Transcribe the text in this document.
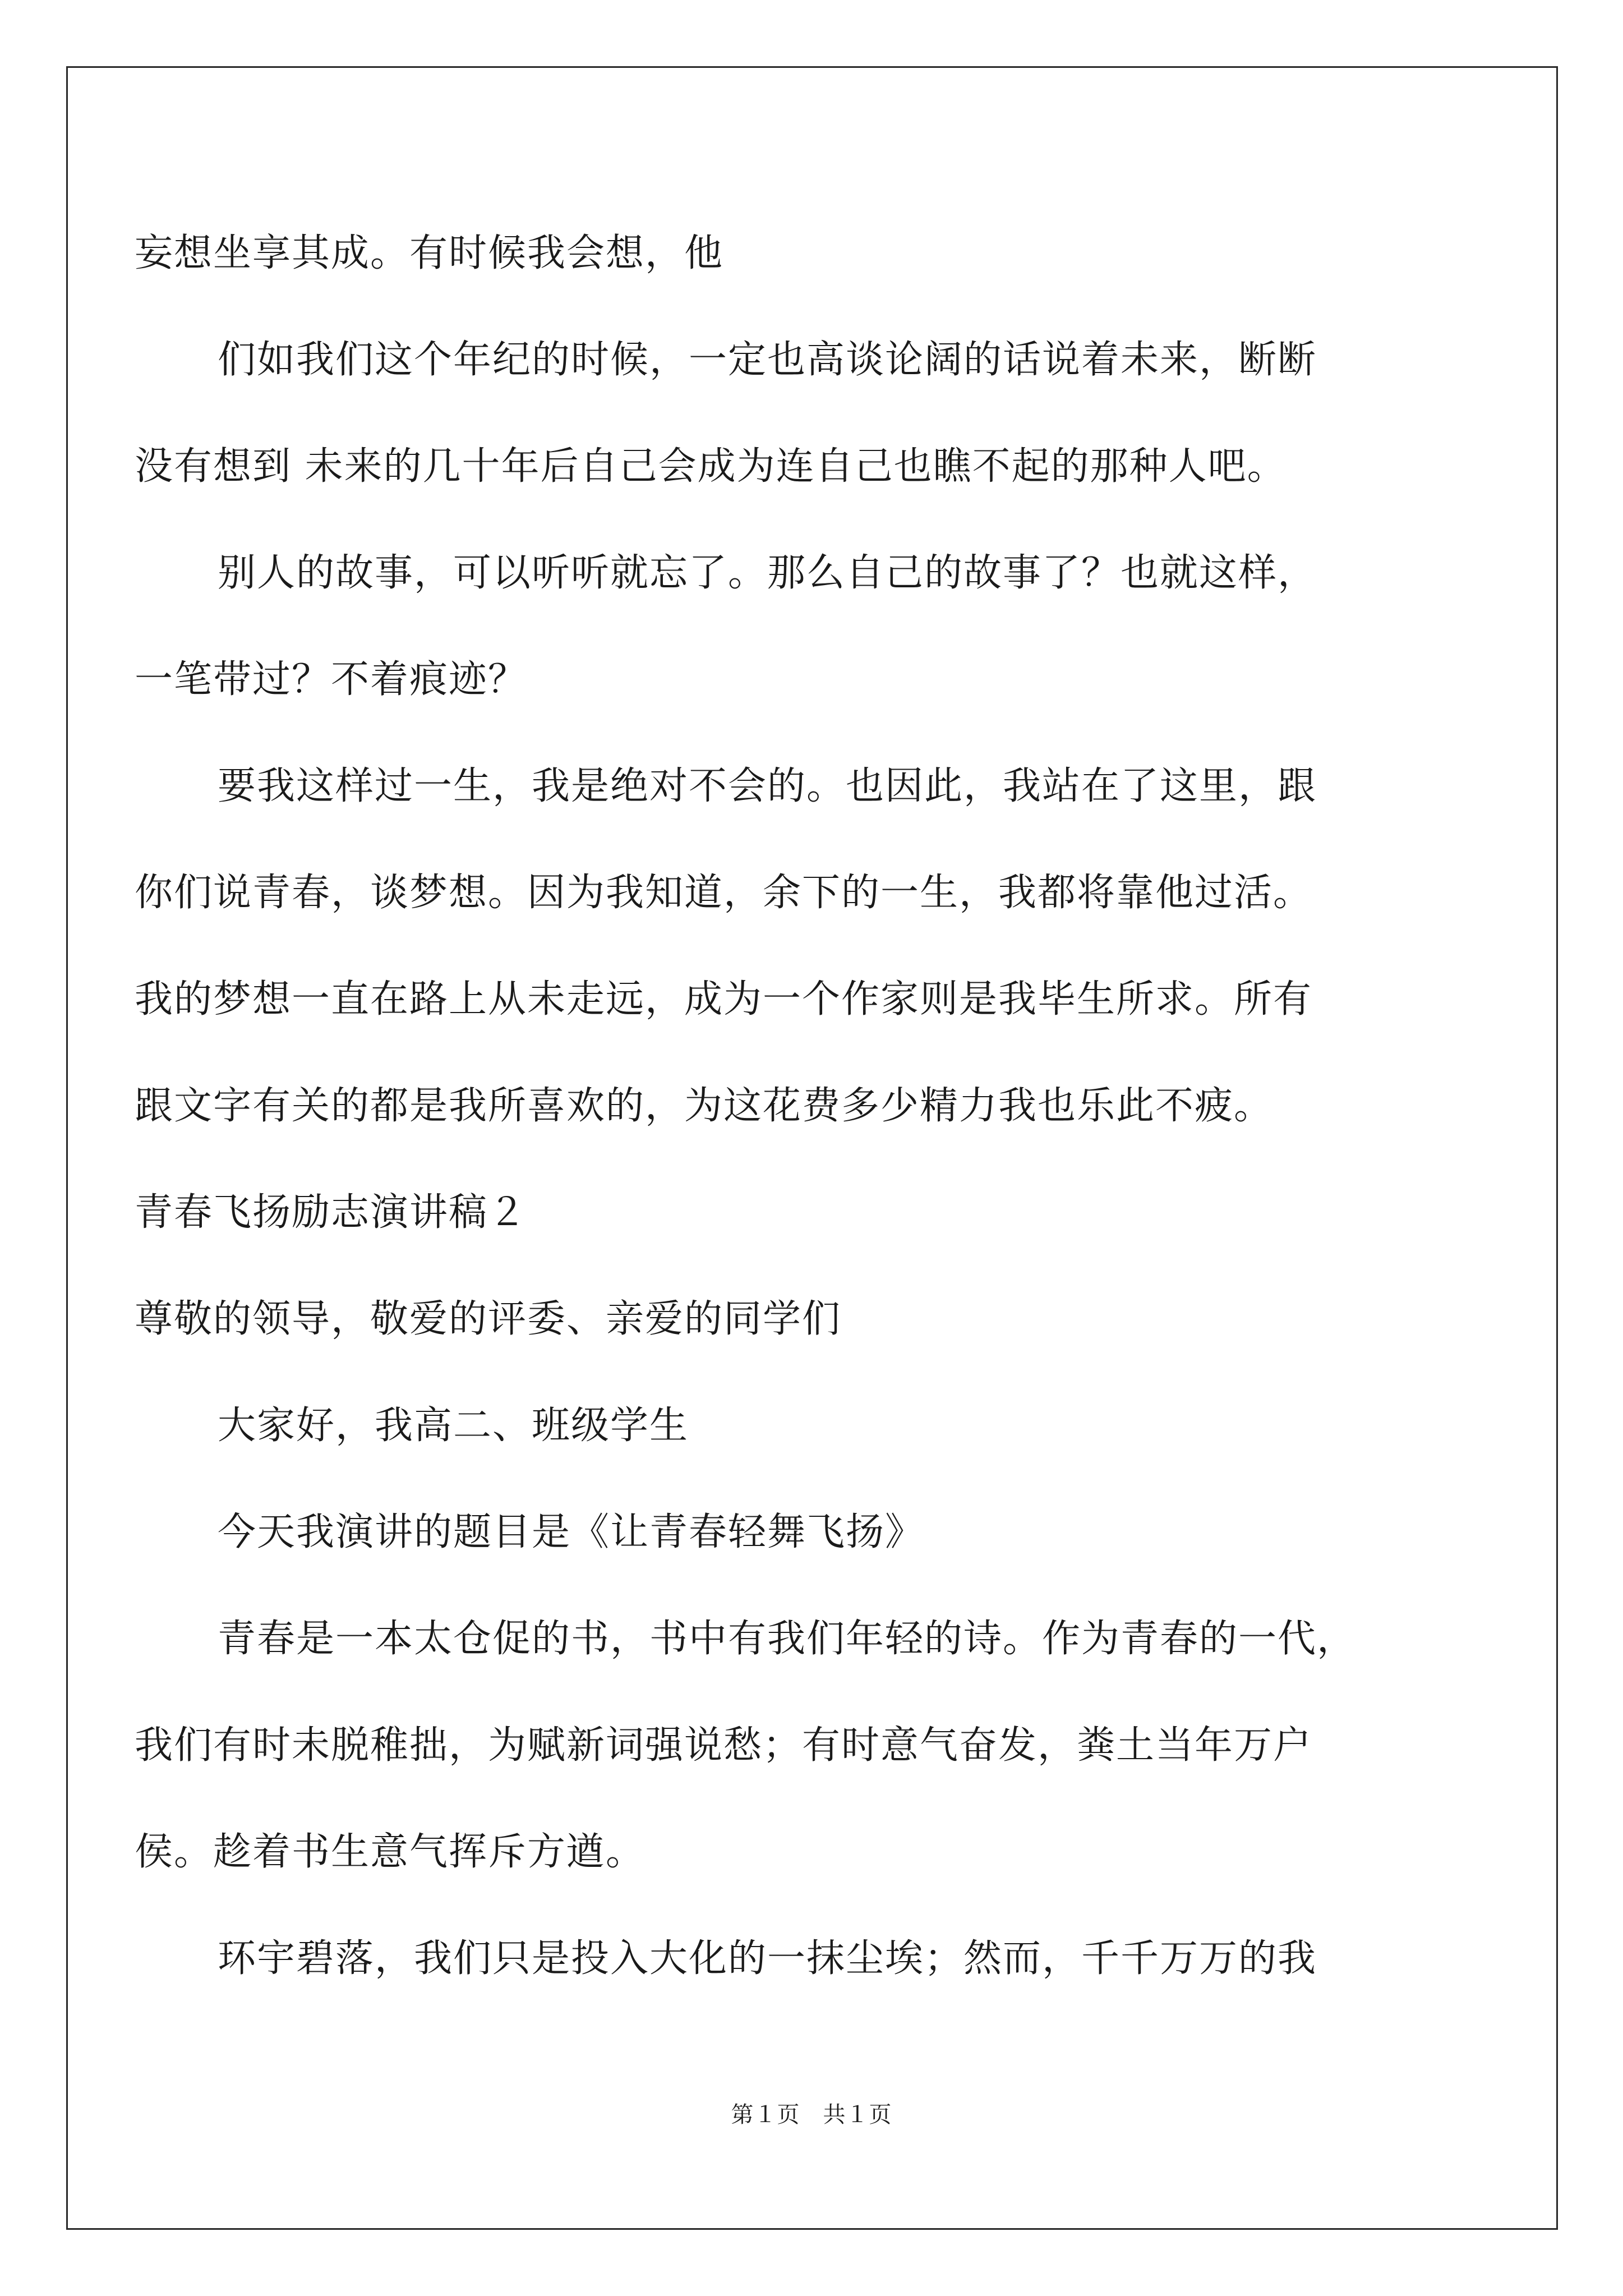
妄想坐享其成。有时候我会想，他
们如我们这个年纪的时候，一定也高谈论阔的话说着未来，断断
没有想到 未来的几十年后自己会成为连自己也瞧不起的那种人吧。
别人的故事，可以听听就忘了。那么自己的故事了？也就这样，
一笔带过？不着痕迹？
要我这样过一生，我是绝对不会的。也因此，我站在了这里，跟
你们说青春，谈梦想。因为我知道，余下的一生，我都将靠他过活。
我的梦想一直在路上从未走远，成为一个作家则是我毕生所求。所有
跟文字有关的都是我所喜欢的，为这花费多少精力我也乐此不疲。
青春飞扬励志演讲稿２
尊敬的领导，敬爱的评委、亲爱的同学们
大家好，我高二、班级学生
今天我演讲的题目是《让青春轻舞飞扬》
青春是一本太仓促的书，书中有我们年轻的诗。作为青春的一代，
我们有时未脱稚拙，为赋新词强说愁；有时意气奋发，粪土当年万户
侯。趁着书生意气挥斥方遒。
环宇碧落，我们只是投入大化的一抹尘埃；然而，千千万万的我
第１页　共１页
